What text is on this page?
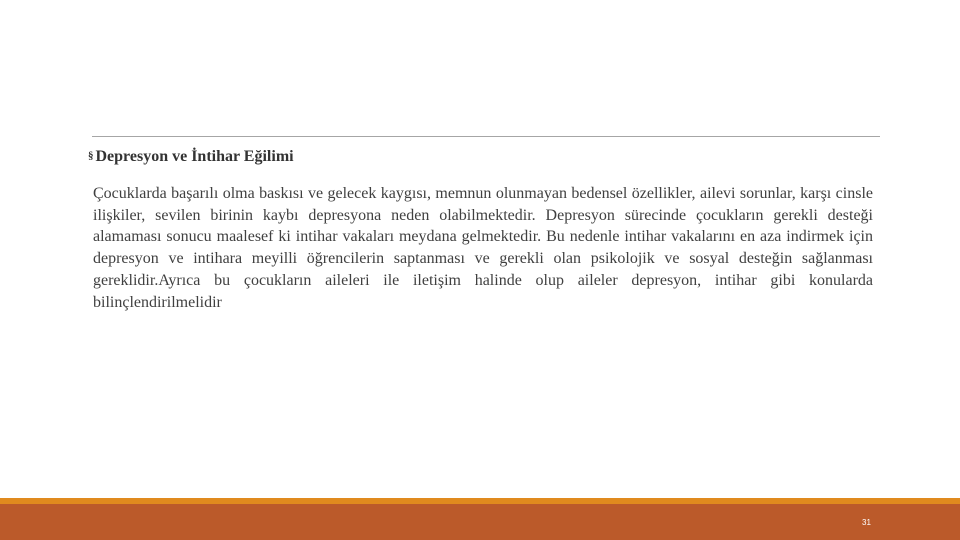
§ Depresyon ve İntihar Eğilimi

Çocuklarda başarılı olma baskısı ve gelecek kaygısı, memnun olunmayan bedensel özellikler, ailevi sorunlar, karşı cinsle ilişkiler, sevilen birinin kaybı depresyona neden olabilmektedir. Depresyon sürecinde çocukların gerekli desteği alamaması sonucu maalesef ki intihar vakaları meydana gelmektedir. Bu nedenle intihar vakalarını en aza indirmek için depresyon ve intihara meyilli öğrencilerin saptanması ve gerekli olan psikolojik ve sosyal desteğin sağlanması gereklidir.Ayrıca bu çocukların aileleri ile iletişim halinde olup aileler depresyon, intihar gibi konularda bilinçlendirilmelidir

31
